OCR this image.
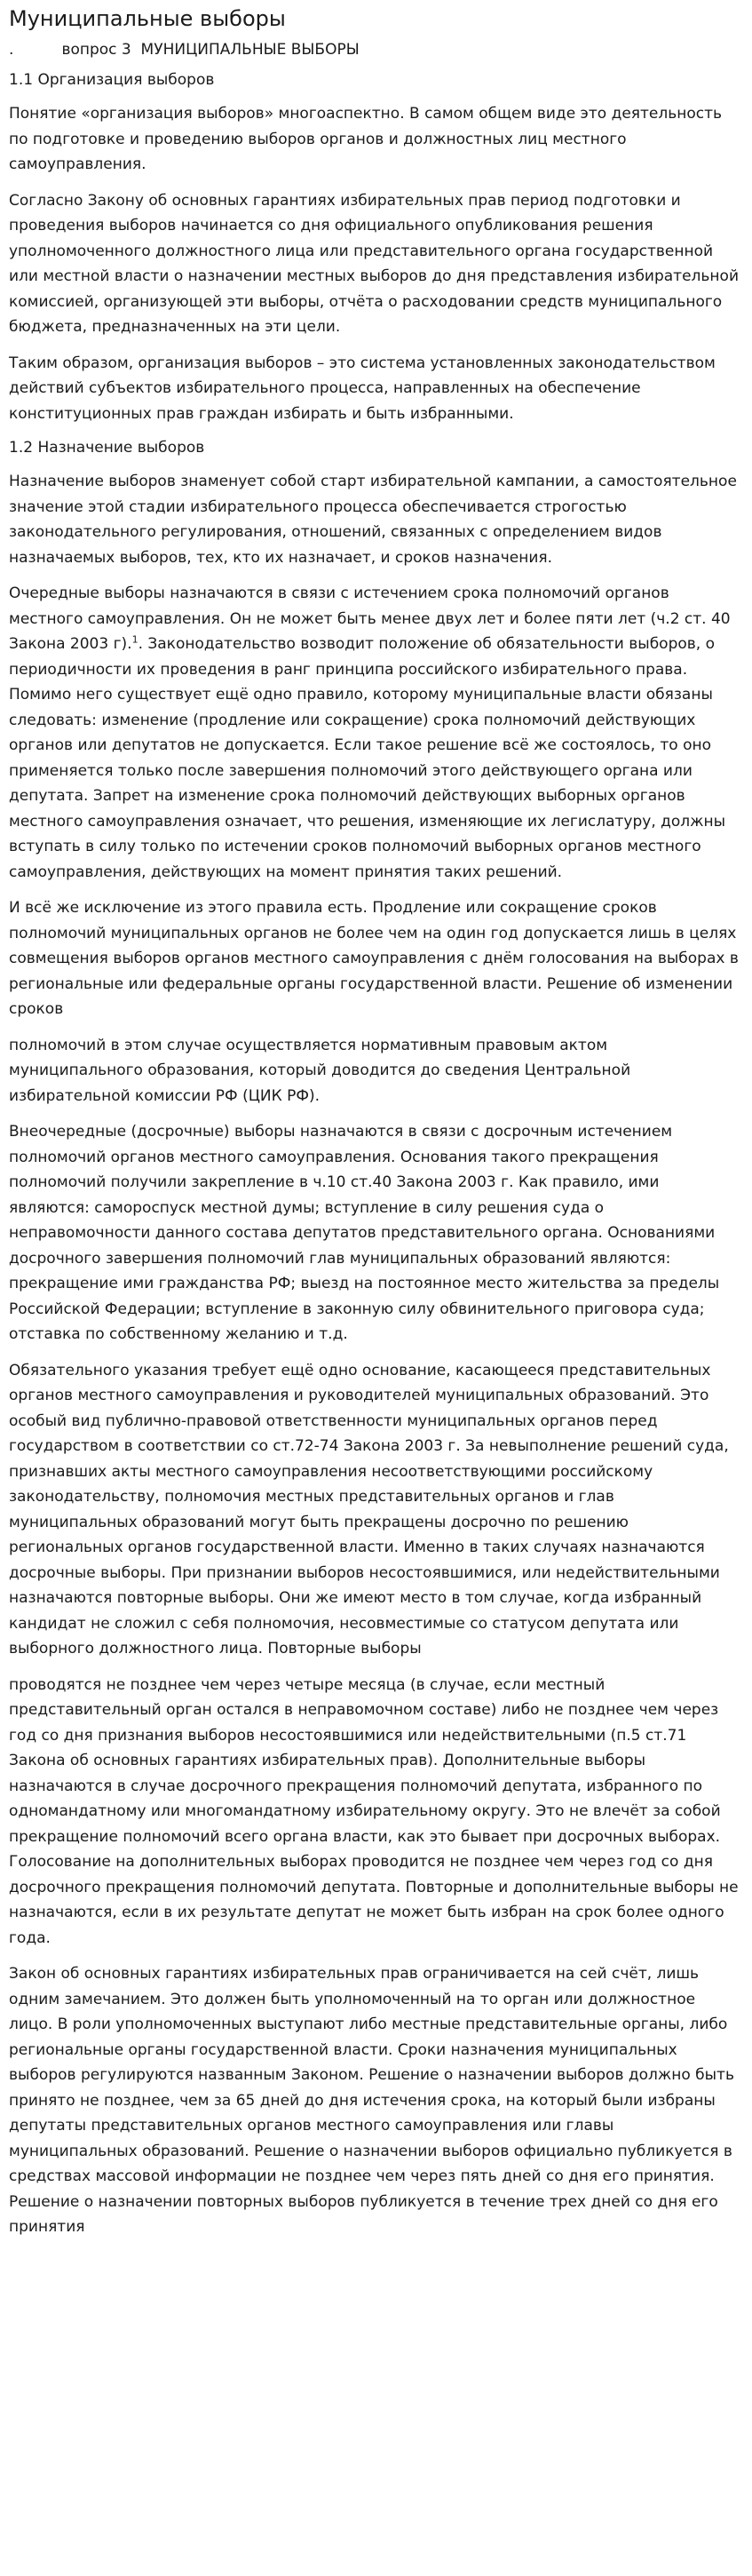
Муниципальные выборы
.          вопрос 3  МУНИЦИПАЛЬНЫЕ ВЫБОРЫ
1.1 Организация выборов

Понятие «организация выборов» многоаспектно. В самом общем виде это деятельность по подготовке и проведению выборов органов и должностных лиц местного самоуправления.

Согласно Закону об основных гарантиях избирательных прав период подготовки и проведения выборов начинается со дня официального опубликования решения уполномоченного должностного лица или представительного органа государственной или местной власти о назначении местных выборов до дня представления избирательной комиссией, организующей эти выборы, отчёта о расходовании средств муниципального бюджета, предназначенных на эти цели.

Таким образом, организация выборов – это система установленных законодательством действий субъектов избирательного процесса, направленных на обеспечение конституционных прав граждан избирать и быть избранными.

1.2 Назначение выборов

Назначение выборов знаменует собой старт избирательной кампании, а самостоятельное значение этой стадии избирательного процесса обеспечивается строгостью законодательного регулирования, отношений, связанных с определением видов назначаемых выборов, тех, кто их назначает, и сроков назначения.

Очередные выборы назначаются в связи с истечением срока полномочий органов местного самоуправления. Он не может быть менее двух лет и более пяти лет (ч.2 ст. 40 Закона 2003 г).$^1$. Законодательство возводит положение об обязательности выборов, о периодичности их проведения в ранг принципа российского избирательного права. Помимо него существует ещё одно правило, которому муниципальные власти обязаны следовать: изменение (продление или сокращение) срока полномочий действующих органов или депутатов не допускается. Если такое решение всё же состоялось, то оно применяется только после завершения полномочий этого действующего органа или депутата. Запрет на изменение срока полномочий действующих выборных органов местного самоуправления означает, что решения, изменяющие их легислатуру, должны вступать в силу только по истечении сроков полномочий выборных органов местного самоуправления, действующих на момент принятия таких решений.

И всё же исключение из этого правила есть. Продление или сокращение сроков полномочий муниципальных органов не более чем на один год допускается лишь в целях совмещения выборов органов местного самоуправления с днём голосования на выборах в региональные или федеральные органы государственной власти. Решение об изменении сроков

полномочий в этом случае осуществляется нормативным правовым актом муниципального образования, который доводится до сведения Центральной избирательной комиссии РФ (ЦИК РФ).

Внеочередные (досрочные) выборы назначаются в связи с досрочным истечением полномочий органов местного самоуправления. Основания такого прекращения полномочий получили закрепление в ч.10 ст.40 Закона 2003 г. Как правило, ими являются: самороспуск местной думы; вступление в силу решения суда о неправомочности данного состава депутатов представительного органа. Основаниями досрочного завершения полномочий глав муниципальных образований являются: прекращение ими гражданства РФ; выезд на постоянное место жительства за пределы Российской Федерации; вступление в законную силу обвинительного приговора суда; отставка по собственному желанию и т.д.

Обязательного указания требует ещё одно основание, касающееся представительных органов местного самоуправления и руководителей муниципальных образований. Это особый вид публично-правовой ответственности муниципальных органов перед государством в соответствии со ст.72-74 Закона 2003 г. За невыполнение решений суда, признавших акты местного самоуправления несоответствующими российскому законодательству, полномочия местных представительных органов и глав муниципальных образований могут быть прекращены досрочно по решению региональных органов государственной власти. Именно в таких случаях назначаются досрочные выборы. При признании выборов несостоявшимися, или недействительными назначаются повторные выборы. Они же имеют место в том случае, когда избранный кандидат не сложил с себя полномочия, несовместимые со статусом депутата или выборного должностного лица. Повторные выборы

проводятся не позднее чем через четыре месяца (в случае, если местный представительный орган остался в неправомочном составе) либо не позднее чем через год со дня признания выборов несостоявшимися или недействительными (п.5 ст.71 Закона об основных гарантиях избирательных прав). Дополнительные выборы назначаются в случае досрочного прекращения полномочий депутата, избранного по одномандатному или многомандатному избирательному округу. Это не влечёт за собой прекращение полномочий всего органа власти, как это бывает при досрочных выборах. Голосование на дополнительных выборах проводится не позднее чем через год со дня досрочного прекращения полномочий депутата. Повторные и дополнительные выборы не назначаются, если в их результате депутат не может быть избран на срок более одного года.

Закон об основных гарантиях избирательных прав ограничивается на сей счёт, лишь одним замечанием. Это должен быть уполномоченный на то орган или должностное лицо. В роли уполномоченных выступают либо местные представительные органы, либо региональные органы государственной власти. Сроки назначения муниципальных выборов регулируются названным Законом. Решение о назначении выборов должно быть принято не позднее, чем за 65 дней до дня истечения срока, на который были избраны депутаты представительных органов местного самоуправления или главы муниципальных образований. Решение о назначении выборов официально публикуется в средствах массовой информации не позднее чем через пять дней со дня его принятия. Решение о назначении повторных выборов публикуется в течение трех дней со дня его принятия
